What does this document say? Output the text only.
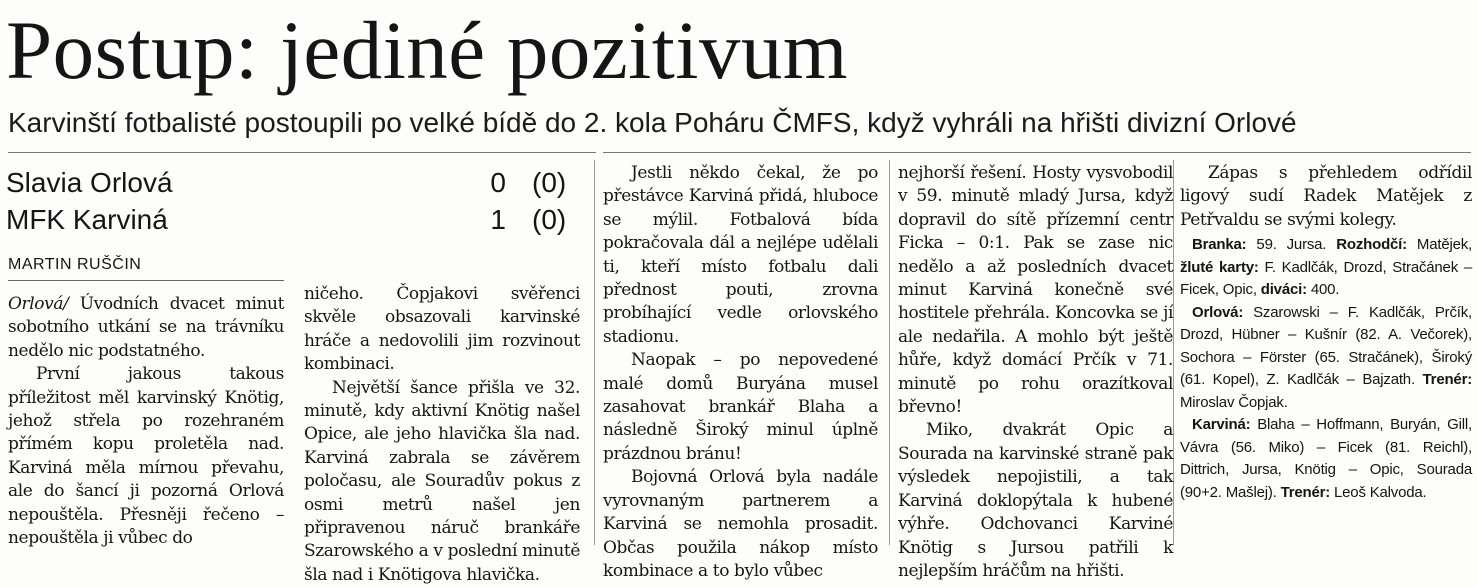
Postup: jediné pozitivum
Karvinští fotbalisté postoupili po velké bídě do 2. kola Poháru ČMFS, když vyhráli na hřišti divizní Orlové
Slavia Orlová	0 (0)
MFK Karviná	1 (0)
MARTIN RUŠČIN

Orlová/ Úvodních dvacet minut sobotního utkání se na trávníku nedělo nic podstatného.

První jakous takous příležitost měl karvinský Knötig, jehož střela po rozehraném přímém kopu proletěla nad. Karviná měla mírnou převahu, ale do šancí ji pozorná Orlová nepouštěla. Přesněji řečeno – nepouštěla ji vůbec do

ničeho. Čopjakovi svěřenci skvěle obsazovali karvinské hráče a nedovolili jim rozvinout kombinaci.

Největší šance přišla ve 32. minutě, kdy aktivní Knötig našel Opice, ale jeho hlavička šla nad. Karviná zabrala se závěrem poločasu, ale Souradův pokus z osmi metrů našel jen připravenou náruč brankáře Szarowského a v poslední minutě šla nad i Knötigova hlavička.

Jestli někdo čekal, že po přestávce Karviná přidá, hluboce se mýlil. Fotbalová bída pokračovala dál a nejlépe udělali ti, kteří místo fotbalu dali přednost pouti, zrovna probíhající vedle orlovského stadionu.

Naopak – po nepovedené malé domů Buryána musel zasahovat brankář Blaha a následně Široký minul úplně prázdnou bránu!

Bojovná Orlová byla nadále vyrovnaným partnerem a Karviná se nemohla prosadit. Občas použila nákop místo kombinace a to bylo vůbec

nejhorší řešení. Hosty vysvobodil v 59. minutě mladý Jursa, když dopravil do sítě přízemní centr Ficka – 0:1. Pak se zase nic nedělo a až posledních dvacet minut Karviná konečně své hostitele přehrála. Koncovka se jí ale nedařila. A mohlo být ještě hůře, když domácí Prčík v 71. minutě po rohu orazítkoval břevno!

Miko, dvakrát Opic a Sourada na karvinské straně pak výsledek nepojistili, a tak Karviná doklopýtala k hubené výhře. Odchovanci Karviné Knötig s Jursou patřili k nejlepším hráčům na hřišti.

Zápas s přehledem odřídil ligový sudí Radek Matějek z Petřvaldu se svými kolegy.

Branka: 59. Jursa. Rozhodčí: Matějek, žluté karty: F. Kadlčák, Drozd, Stračánek – Ficek, Opic, diváci: 400.

Orlová: Szarowski – F. Kadlčák, Prčík, Drozd, Hübner – Kušnír (82. A. Večorek), Sochora – Förster (65. Stračánek), Široký (61. Kopel), Z. Kadlčák – Bajzath. Trenér: Miroslav Čopjak.

Karviná: Blaha – Hoffmann, Buryán, Gill, Vávra (56. Miko) – Ficek (81. Reichl), Dittrich, Jursa, Knötig – Opic, Sourada (90+2. Mašlej). Trenér: Leoš Kalvoda.
